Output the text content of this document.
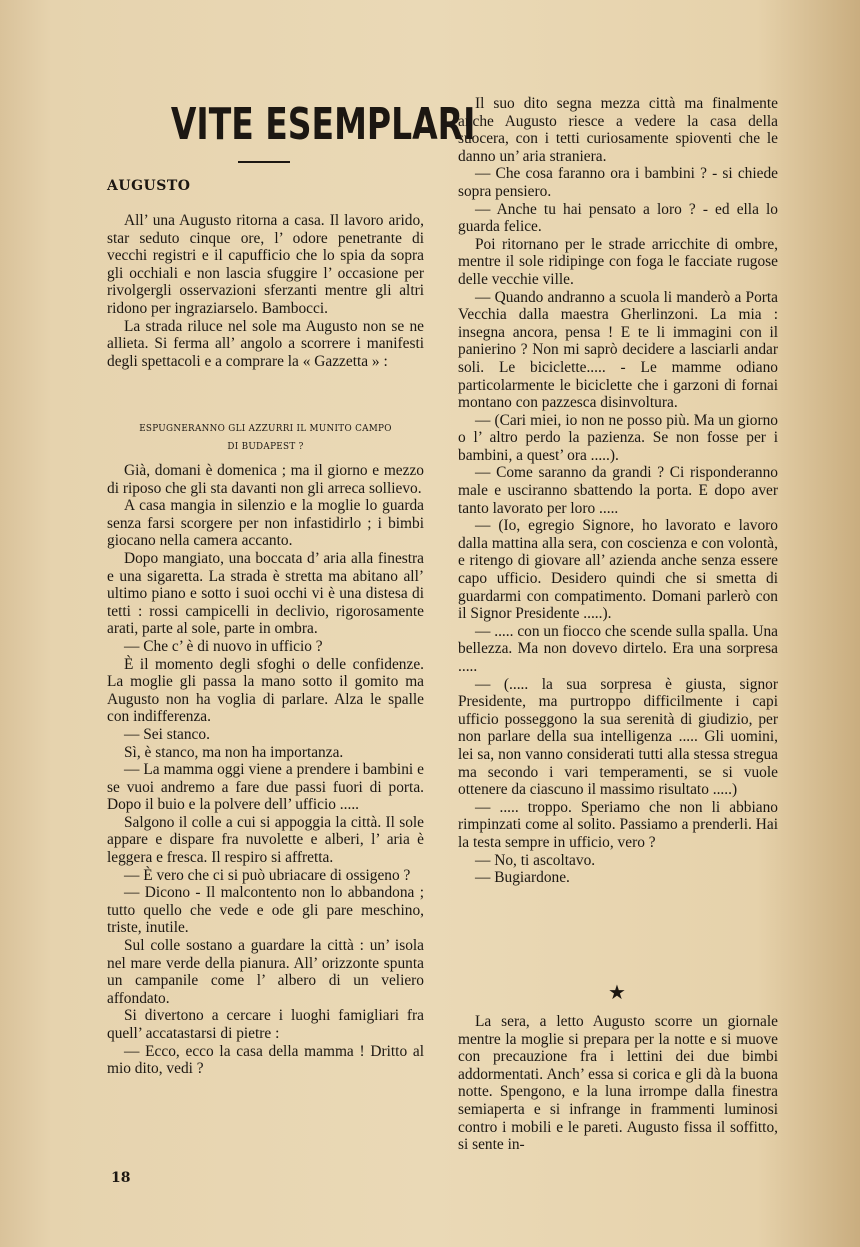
VITE ESEMPLARI
AUGUSTO

All’ una Augusto ritorna a casa. Il lavoro arido, star seduto cinque ore, l’ odore penetrante di vecchi registri e il capufficio che lo spia da sopra gli occhiali e non lascia sfuggire l’ occasione per rivolgergli osservazioni sferzanti mentre gli altri ridono per ingraziarselo. Bambocci.

La strada riluce nel sole ma Augusto non se ne allieta. Si ferma all’ angolo a scorrere i manifesti degli spettacoli e a comprare la « Gazzetta » :

ESPUGNERANNO GLI AZZURRI IL MUNITO CAMPO
DI BUDAPEST ?

Già, domani è domenica ; ma il giorno e mezzo di riposo che gli sta davanti non gli arreca sollievo.

A casa mangia in silenzio e la moglie lo guarda senza farsi scorgere per non infastidirlo ; i bimbi giocano nella camera accanto.

Dopo mangiato, una boccata d’ aria alla finestra e una sigaretta. La strada è stretta ma abitano all’ ultimo piano e sotto i suoi occhi vi è una distesa di tetti : rossi campicelli in declivio, rigorosamente arati, parte al sole, parte in ombra.

— Che c’ è di nuovo in ufficio ?

È il momento degli sfoghi o delle confidenze. La moglie gli passa la mano sotto il gomito ma Augusto non ha voglia di parlare. Alza le spalle con indifferenza.

— Sei stanco.

Sì, è stanco, ma non ha importanza.

— La mamma oggi viene a prendere i bambini e se vuoi andremo a fare due passi fuori di porta. Dopo il buio e la polvere dell’ ufficio .....

Salgono il colle a cui si appoggia la città. Il sole appare e dispare fra nuvolette e alberi, l’ aria è leggera e fresca. Il respiro si affretta.

— È vero che ci si può ubriacare di ossigeno ?

— Dicono - Il malcontento non lo abbandona ; tutto quello che vede e ode gli pare meschino, triste, inutile.

Sul colle sostano a guardare la città : un’ isola nel mare verde della pianura. All’ orizzonte spunta un campanile come l’ albero di un veliero affondato.

Si divertono a cercare i luoghi famigliari fra quell’ accatastarsi di pietre :

— Ecco, ecco la casa della mamma ! Dritto al mio dito, vedi ?

Il suo dito segna mezza città ma finalmente anche Augusto riesce a vedere la casa della suocera, con i tetti curiosamente spioventi che le danno un’ aria straniera.

— Che cosa faranno ora i bambini ? - si chiede sopra pensiero.

— Anche tu hai pensato a loro ? - ed ella lo guarda felice.

Poi ritornano per le strade arricchite di ombre, mentre il sole ridipinge con foga le facciate rugose delle vecchie ville.

— Quando andranno a scuola li manderò a Porta Vecchia dalla maestra Gherlinzoni. La mia : insegna ancora, pensa ! E te li immagini con il panierino ? Non mi saprò decidere a lasciarli andar soli. Le biciclette..... - Le mamme odiano particolarmente le biciclette che i garzoni di fornai montano con pazzesca disinvoltura.

— (Cari miei, io non ne posso più. Ma un giorno o l’ altro perdo la pazienza. Se non fosse per i bambini, a quest’ ora .....).

— Come saranno da grandi ? Ci risponderanno male e usciranno sbattendo la porta. E dopo aver tanto lavorato per loro .....

— (Io, egregio Signore, ho lavorato e lavoro dalla mattina alla sera, con coscienza e con volontà, e ritengo di giovare all’ azienda anche senza essere capo ufficio. Desidero quindi che si smetta di guardarmi con compatimento. Domani parlerò con il Signor Presidente .....).

— ..... con un fiocco che scende sulla spalla. Una bellezza. Ma non dovevo dirtelo. Era una sorpresa .....

— (..... la sua sorpresa è giusta, signor Presidente, ma purtroppo difficilmente i capi ufficio posseggono la sua serenità di giudizio, per non parlare della sua intelligenza ..... Gli uomini, lei sa, non vanno considerati tutti alla stessa stregua ma secondo i vari temperamenti, se si vuole ottenere da ciascuno il massimo risultato .....)

— ..... troppo. Speriamo che non li abbiano rimpinzati come al solito. Passiamo a prenderli. Hai la testa sempre in ufficio, vero ?

— No, ti ascoltavo.

— Bugiardone.

★

La sera, a letto Augusto scorre un giornale mentre la moglie si prepara per la notte e si muove con precauzione fra i lettini dei due bimbi addormentati. Anch’ essa si corica e gli dà la buona notte. Spengono, e la luna irrompe dalla finestra semiaperta e si infrange in frammenti luminosi contro i mobili e le pareti. Augusto fissa il soffitto, si sente in-

18
